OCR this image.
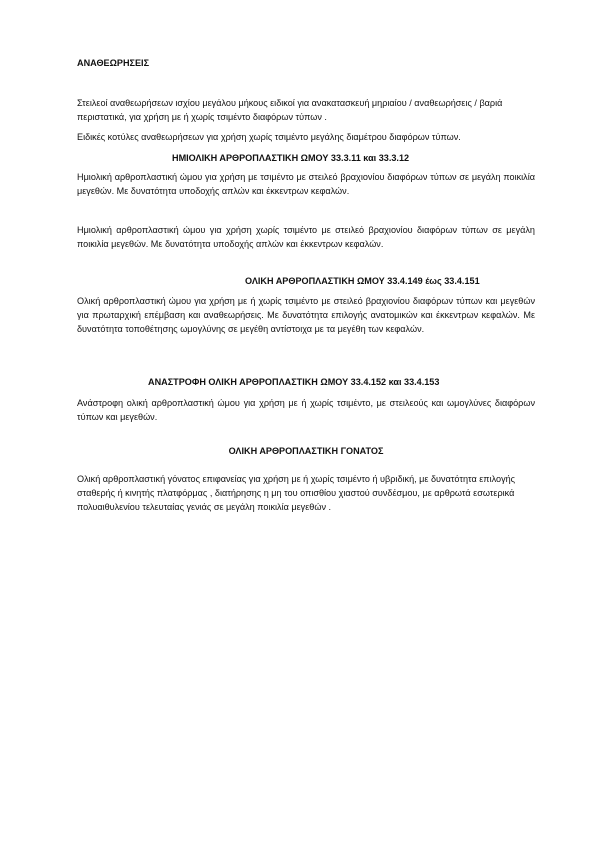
ΑΝΑΘΕΩΡΗΣΕΙΣ

Στειλεοί αναθεωρήσεων ισχίου μεγάλου μήκους ειδικοί για ανακατασκευή μηριαίου / αναθεωρήσεις / βαριά περιστατικά, για χρήση με ή χωρίς τσιμέντο διαφόρων τύπων .

Ειδικές κοτύλες αναθεωρήσεων για χρήση χωρίς τσιμέντο μεγάλης διαμέτρου διαφόρων τύπων.

ΗΜΙΟΛΙΚΗ ΑΡΘΡΟΠΛΑΣΤΙΚΗ ΩΜΟΥ 33.3.11 και 33.3.12

Ημιολική αρθροπλαστική ώμου για χρήση με τσιμέντο με στειλεό βραχιονίου διαφόρων τύπων σε μεγάλη ποικιλία μεγεθών. Με δυνατότητα υποδοχής απλών και έκκεντρων κεφαλών.

Ημιολική αρθροπλαστική ώμου για χρήση χωρίς τσιμέντο με στειλεό βραχιονίου διαφόρων τύπων σε μεγάλη ποικιλία μεγεθών. Με δυνατότητα υποδοχής απλών και έκκεντρων κεφαλών.

ΟΛΙΚΗ ΑΡΘΡΟΠΛΑΣΤΙΚΗ ΩΜΟΥ 33.4.149 έως 33.4.151

Ολική αρθροπλαστική ώμου για χρήση με ή χωρίς τσιμέντο με στειλεό βραχιονίου διαφόρων τύπων και μεγεθών για πρωταρχική επέμβαση και αναθεωρήσεις. Με δυνατότητα επιλογής ανατομικών και έκκεντρων κεφαλών. Με δυνατότητα τοποθέτησης ωμογλύνης σε μεγέθη αντίστοιχα με τα μεγέθη των κεφαλών.

ΑΝΑΣΤΡΟΦΗ ΟΛΙΚΗ ΑΡΘΡΟΠΛΑΣΤΙΚΗ ΩΜΟΥ 33.4.152 και 33.4.153

Ανάστροφη ολική αρθροπλαστική ώμου για χρήση με ή χωρίς τσιμέντο, με στειλεούς και ωμογλύνες διαφόρων τύπων και μεγεθών.

ΟΛΙΚΗ ΑΡΘΡΟΠΛΑΣΤΙΚΗ ΓΟΝΑΤΟΣ

Ολική αρθροπλαστική γόνατος επιφανείας για χρήση με ή χωρίς τσιμέντο ή υβριδική, με δυνατότητα επιλογής σταθερής ή κινητής πλατφόρμας , διατήρησης η μη του οπισθίου χιαστού συνδέσμου, με αρθρωτά εσωτερικά πολυαιθυλενίου τελευταίας γενιάς σε μεγάλη ποικιλία μεγεθών .
